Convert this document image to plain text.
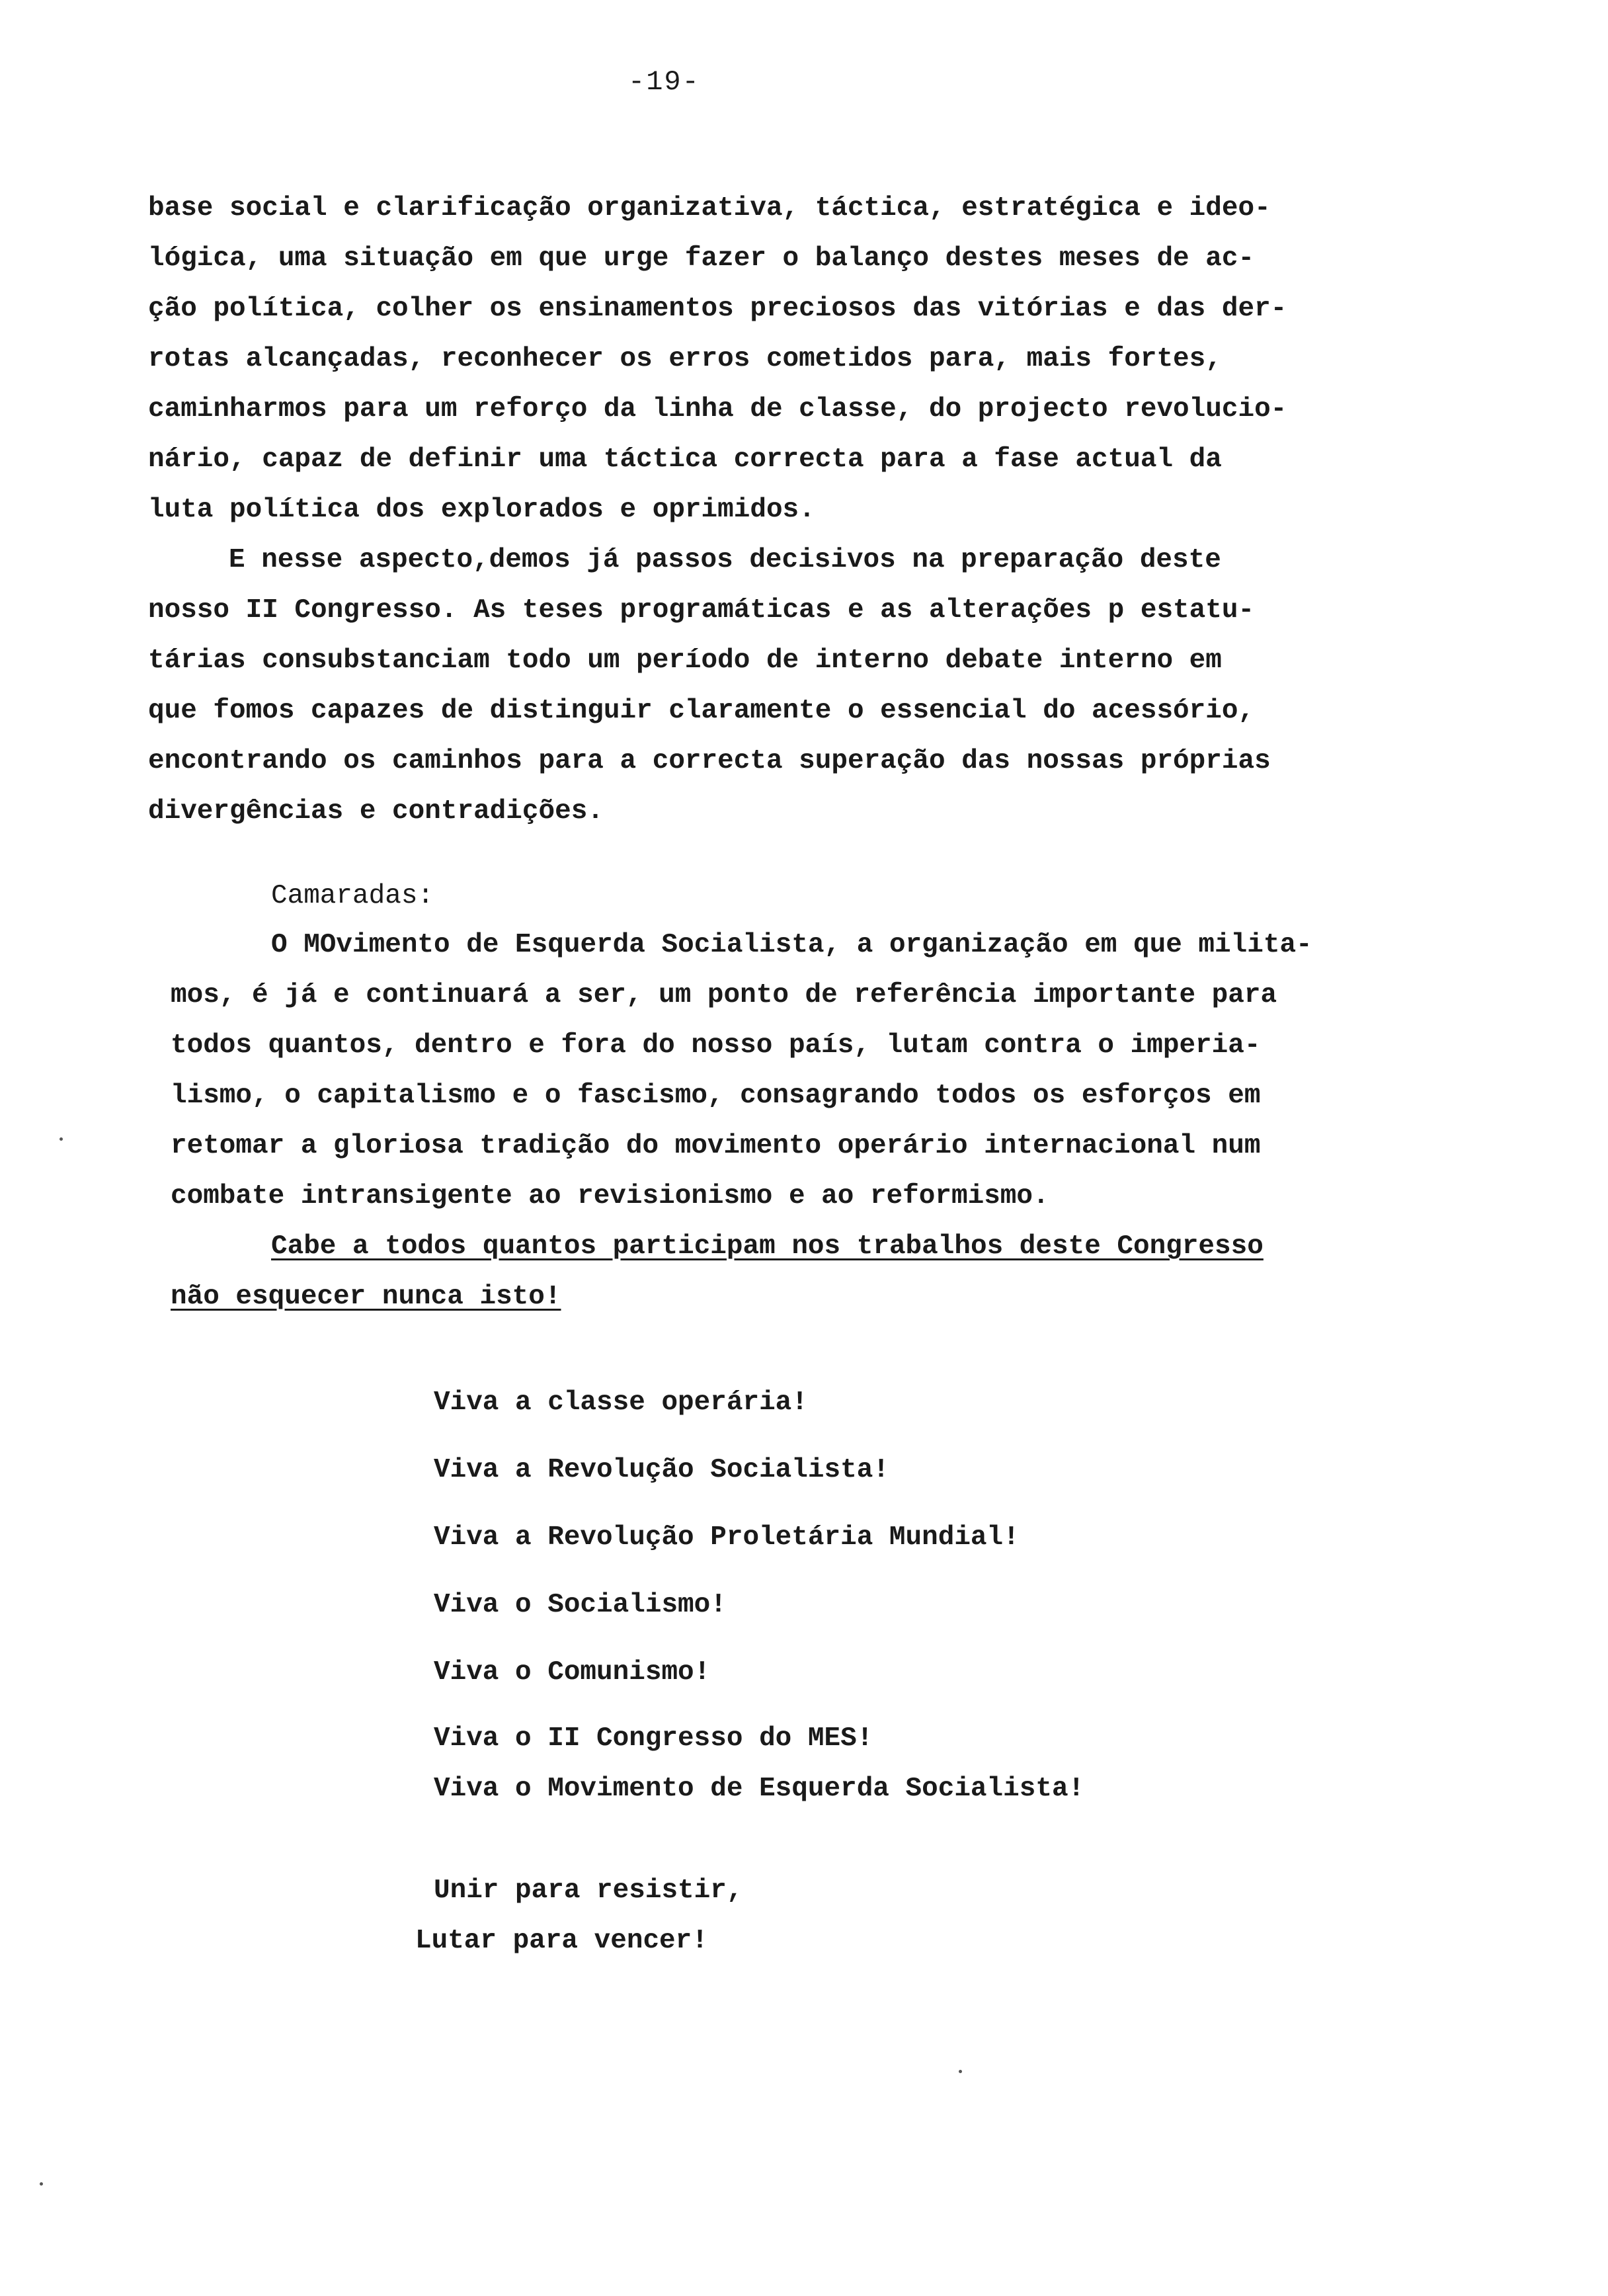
-19-
base social e clarificação organizativa, táctica, estratégica e ideo-
lógica, uma situação em que urge fazer o balanço destes meses de ac-
ção política, colher os ensinamentos preciosos das vitórias e das der-
rotas alcançadas, reconhecer os erros cometidos para, mais fortes,
caminharmos para um reforço da linha de classe, do projecto revolucio-
nário, capaz de definir uma táctica correcta para a fase actual da
luta política dos explorados e oprimidos.
E nesse aspecto,demos já passos decisivos na preparação deste
nosso II Congresso. As teses programáticas e as alterações p estatu-
tárias consubstanciam todo um período de interno debate interno em
que fomos capazes de distinguir claramente o essencial do acessório,
encontrando os caminhos para a correcta superação das nossas próprias
divergências e contradições.
Camaradas:
O MOvimento de Esquerda Socialista, a organização em que milita-
mos, é já e continuará a ser, um ponto de referência importante para
todos quantos, dentro e fora do nosso país, lutam contra o imperia-
lismo, o capitalismo e o fascismo, consagrando todos os esforços em
retomar a gloriosa tradição do movimento operário internacional num
combate intransigente ao revisionismo e ao reformismo.
Cabe a todos quantos participam nos trabalhos deste Congresso
não esquecer nunca isto!
Viva a classe operária!
Viva a Revolução Socialista!
Viva a Revolução Proletária Mundial!
Viva o Socialismo!
Viva o Comunismo!
Viva o II Congresso do MES!
Viva o Movimento de Esquerda Socialista!
Unir para resistir,
Lutar para vencer!
